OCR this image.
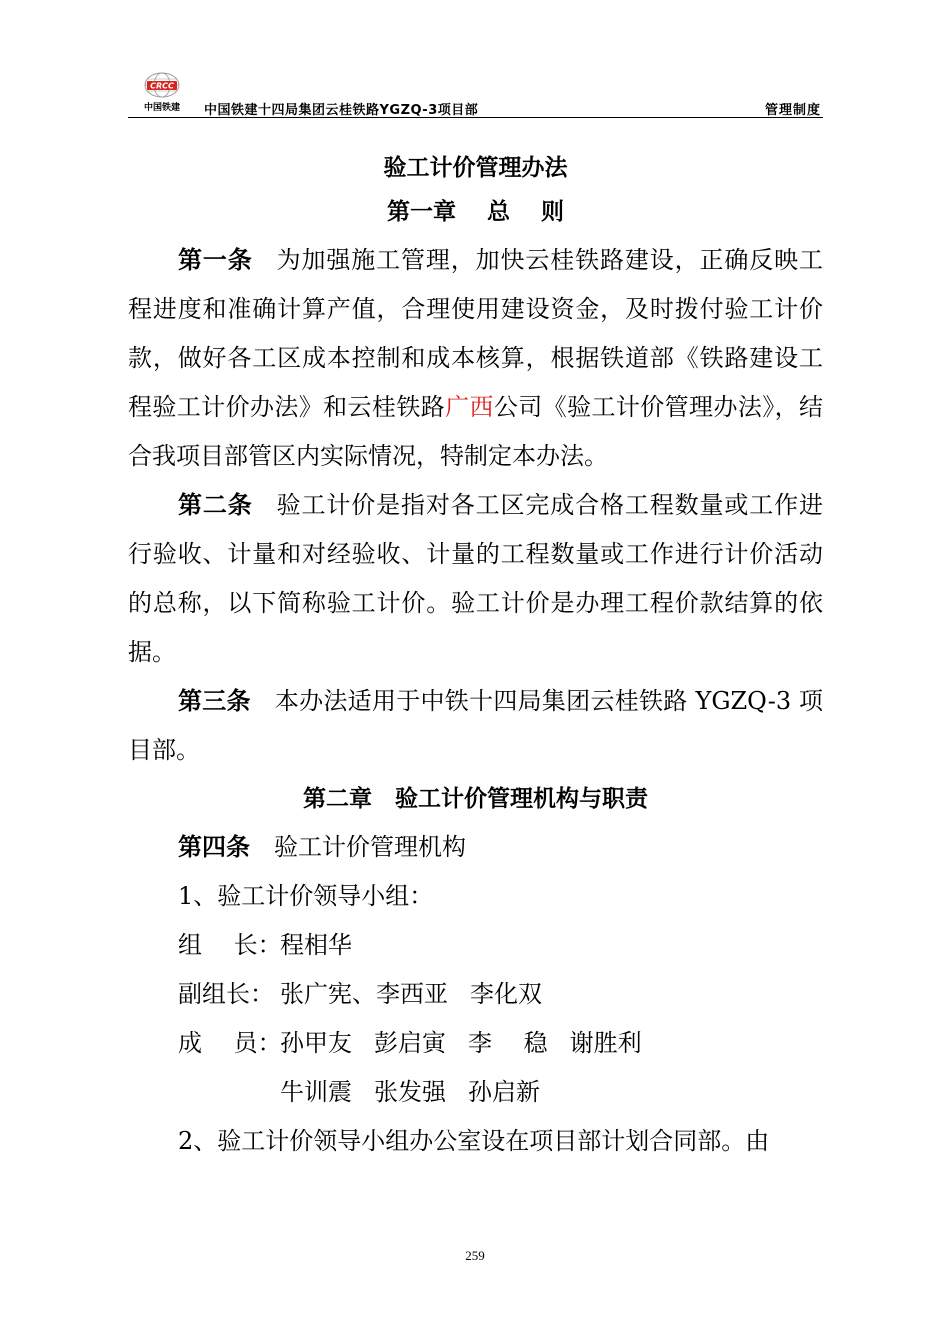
CRCC
中国铁建 中国铁建十四局集团云桂铁路YGZQ-3项目部	管理制度
验工计价管理办法
第一章　 总　 则

第一条 为加强施工管理，加快云桂铁路建设，正确反映工程进度和准确计算产值，合理使用建设资金，及时拨付验工计价款，做好各工区成本控制和成本核算，根据铁道部《铁路建设工程验工计价办法》和云桂铁路广西公司《验工计价管理办法》，结合我项目部管区内实际情况，特制定本办法。

第二条 验工计价是指对各工区完成合格工程数量或工作进行验收、计量和对经验收、计量的工程数量或工作进行计价活动的总称，以下简称验工计价。验工计价是办理工程价款结算的依据。

第三条 本办法适用于中铁十四局集团云桂铁路 YGZQ-3 项目部。

第二章　验工计价管理机构与职责
第四条 验工计价管理机构
1、验工计价领导小组：
组　 长：程相华
副组长： 张广宪、李西亚 李化双
成　 员：孙甲友 彭启寅 李　 稳 谢胜利
牛训震 张发强 孙启新
2、验工计价领导小组办公室设在项目部计划合同部。由
259
